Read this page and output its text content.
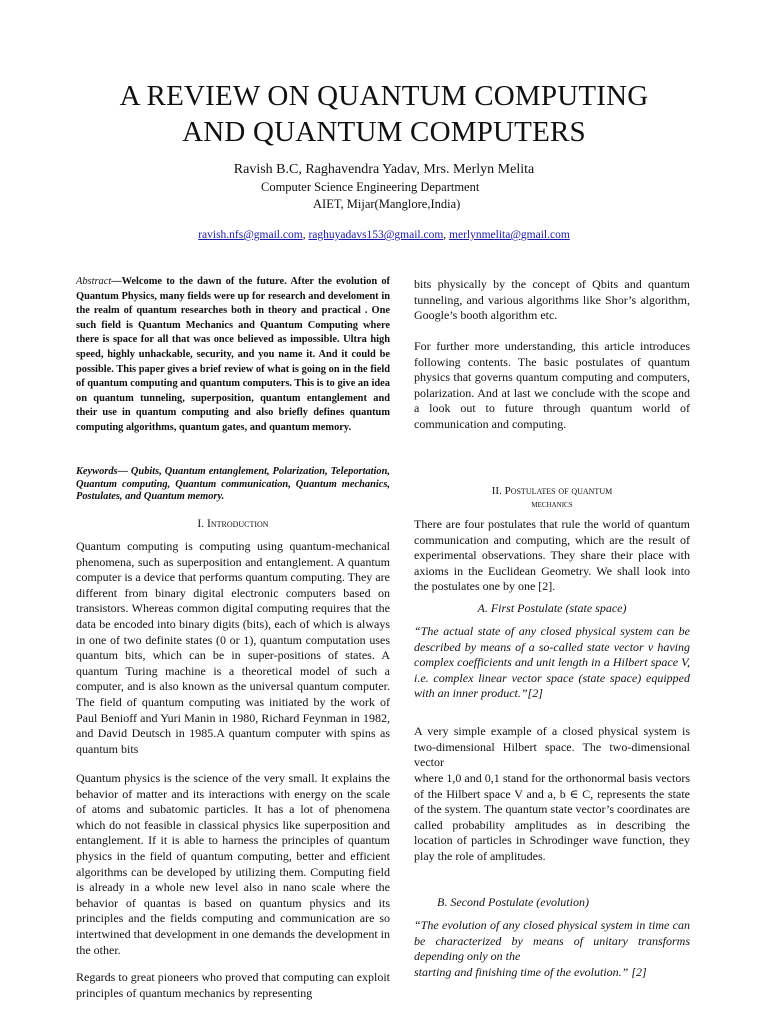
A REVIEW ON QUANTUM COMPUTING
AND QUANTUM COMPUTERS
Ravish B.C, Raghavendra Yadav, Mrs. Merlyn Melita
Computer Science Engineering Department
AIET, Mijar(Manglore,India)
ravish.nfs@gmail.com, raghuyadavs153@gmail.com, merlynmelita@gmail.com

Abstract—Welcome to the dawn of the future. After the evolution of Quantum Physics, many fields were up for research and develoment in the realm of quantum researches both in theory and practical . One such field is Quantum Mechanics and Quantum Computing where there is space for all that was once believed as impossible. Ultra high speed, highly unhackable, security, and you name it. And it could be possible. This paper gives a brief review of what is going on in the field of quantum computing and quantum computers. This is to give an idea on quantum tunneling, superposition, quantum entanglement and their use in quantum computing and also briefly defines quantum computing algorithms, quantum gates, and quantum memory.

Keywords— Qubits, Quantum entanglement, Polarization, Teleportation, Quantum computing, Quantum communication, Quantum mechanics, Postulates, and Quantum memory.

I. Introduction

Quantum computing is computing using quantum-mechanical phenomena, such as superposition and entanglement. A quantum computer is a device that performs quantum computing. They are different from binary digital electronic computers based on transistors. Whereas common digital computing requires that the data be encoded into binary digits (bits), each of which is always in one of two definite states (0 or 1), quantum computation uses quantum bits, which can be in super-positions of states. A quantum Turing machine is a theoretical model of such a computer, and is also known as the universal quantum computer. The field of quantum computing was initiated by the work of Paul Benioff and Yuri Manin in 1980, Richard Feynman in 1982, and David Deutsch in 1985.A quantum computer with spins as quantum bits

Quantum physics is the science of the very small. It explains the behavior of matter and its interactions with energy on the scale of atoms and subatomic particles. It has a lot of phenomena which do not feasible in classical physics like superposition and entanglement. If it is able to harness the principles of quantum physics in the field of quantum computing, better and efficient algorithms can be developed by utilizing them. Computing field is already in a whole new level also in nano scale where the behavior of quantas is based on quantum physics and its principles and the fields computing and communication are so intertwined that development in one demands the development in the other.

Regards to great pioneers who proved that computing can exploit principles of quantum mechanics by representing

bits physically by the concept of Qbits and quantum tunneling, and various algorithms like Shor’s algorithm, Google’s booth algorithm etc.

For further more understanding, this article introduces following contents. The basic postulates of quantum physics that governs quantum computing and computers, polarization. And at last we conclude with the scope and a look out to future through quantum world of communication and computing.

II. Postulates of quantum
mechanics

There are four postulates that rule the world of quantum communication and computing, which are the result of experimental observations. They share their place with axioms in the Euclidean Geometry. We shall look into the postulates one by one [2].

A. First Postulate (state space)

“The actual state of any closed physical system can be described by means of a so-called state vector v having complex coefficients and unit length in a Hilbert space V, i.e. complex linear vector space (state space) equipped with an inner product.”[2]

A very simple example of a closed physical system is two-dimensional Hilbert space. The two-dimensional vector

where 1,0 and 0,1 stand for the orthonormal basis vectors of the Hilbert space V and a, b ∈ C, represents the state of the system. The quantum state vector’s coordinates are called probability amplitudes as in describing the location of particles in Schrodinger wave function, they play the role of amplitudes.

B. Second Postulate (evolution)

“The evolution of any closed physical system in time can be characterized by means of unitary transforms depending only on the

starting and finishing time of the evolution.” [2]
